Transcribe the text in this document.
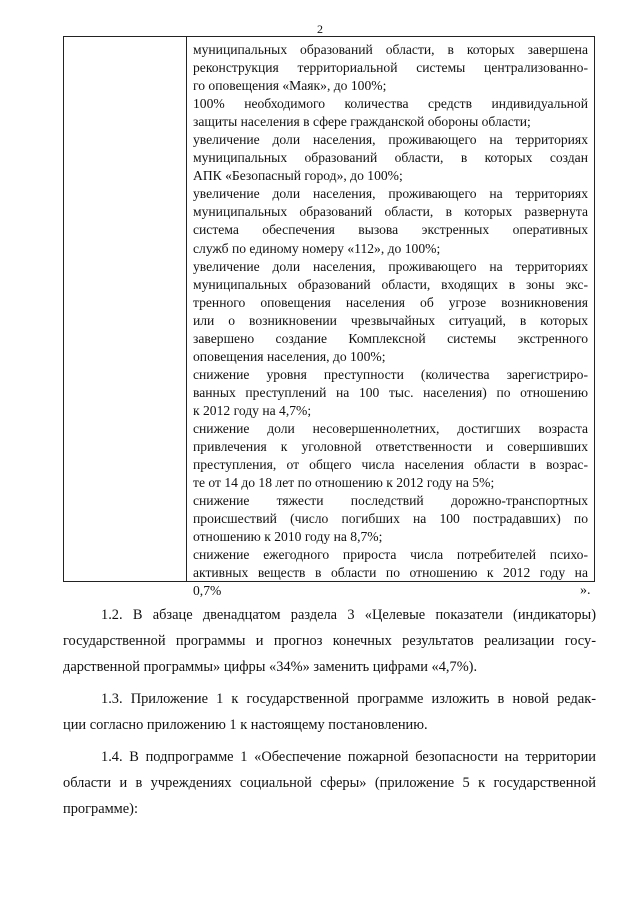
2
муниципальных образований области, в которых завершена
реконструкция территориальной системы централизованно-
го оповещения «Маяк», до 100%;
100% необходимого количества средств индивидуальной
защиты населения в сфере гражданской обороны области;
увеличение доли населения, проживающего на территориях
муниципальных образований области, в которых создан
АПК «Безопасный город», до 100%;
увеличение доли населения, проживающего на территориях
муниципальных образований области, в которых развернута
система обеспечения вызова экстренных оперативных
служб по единому номеру «112», до 100%;
увеличение доли населения, проживающего на территориях
муниципальных образований области, входящих в зоны экс-
тренного оповещения населения об угрозе возникновения
или о возникновении чрезвычайных ситуаций, в которых
завершено создание Комплексной системы экстренного
оповещения населения, до 100%;
снижение уровня преступности (количества зарегистриро-
ванных преступлений на 100 тыс. населения) по отношению
к 2012 году на 4,7%;
снижение доли несовершеннолетних, достигших возраста
привлечения к уголовной ответственности и совершивших
преступления, от общего числа населения области в возрас-
те от 14 до 18 лет по отношению к 2012 году на 5%;
снижение тяжести последствий дорожно-транспортных
происшествий (число погибших на 100 пострадавших) по
отношению к 2010 году на 8,7%;
снижение ежегодного прироста числа потребителей психо-
активных веществ в области по отношению к 2012 году на
0,7%	».
1.2. В абзаце двенадцатом раздела 3 «Целевые показатели (индикаторы)
государственной программы и прогноз конечных результатов реализации госу-
дарственной программы» цифры «34%» заменить цифрами «4,7%).
1.3. Приложение 1 к государственной программе изложить в новой редак-
ции согласно приложению 1 к настоящему постановлению.
1.4. В подпрограмме 1 «Обеспечение пожарной безопасности на территории
области и в учреждениях социальной сферы» (приложение 5 к государственной
программе):
